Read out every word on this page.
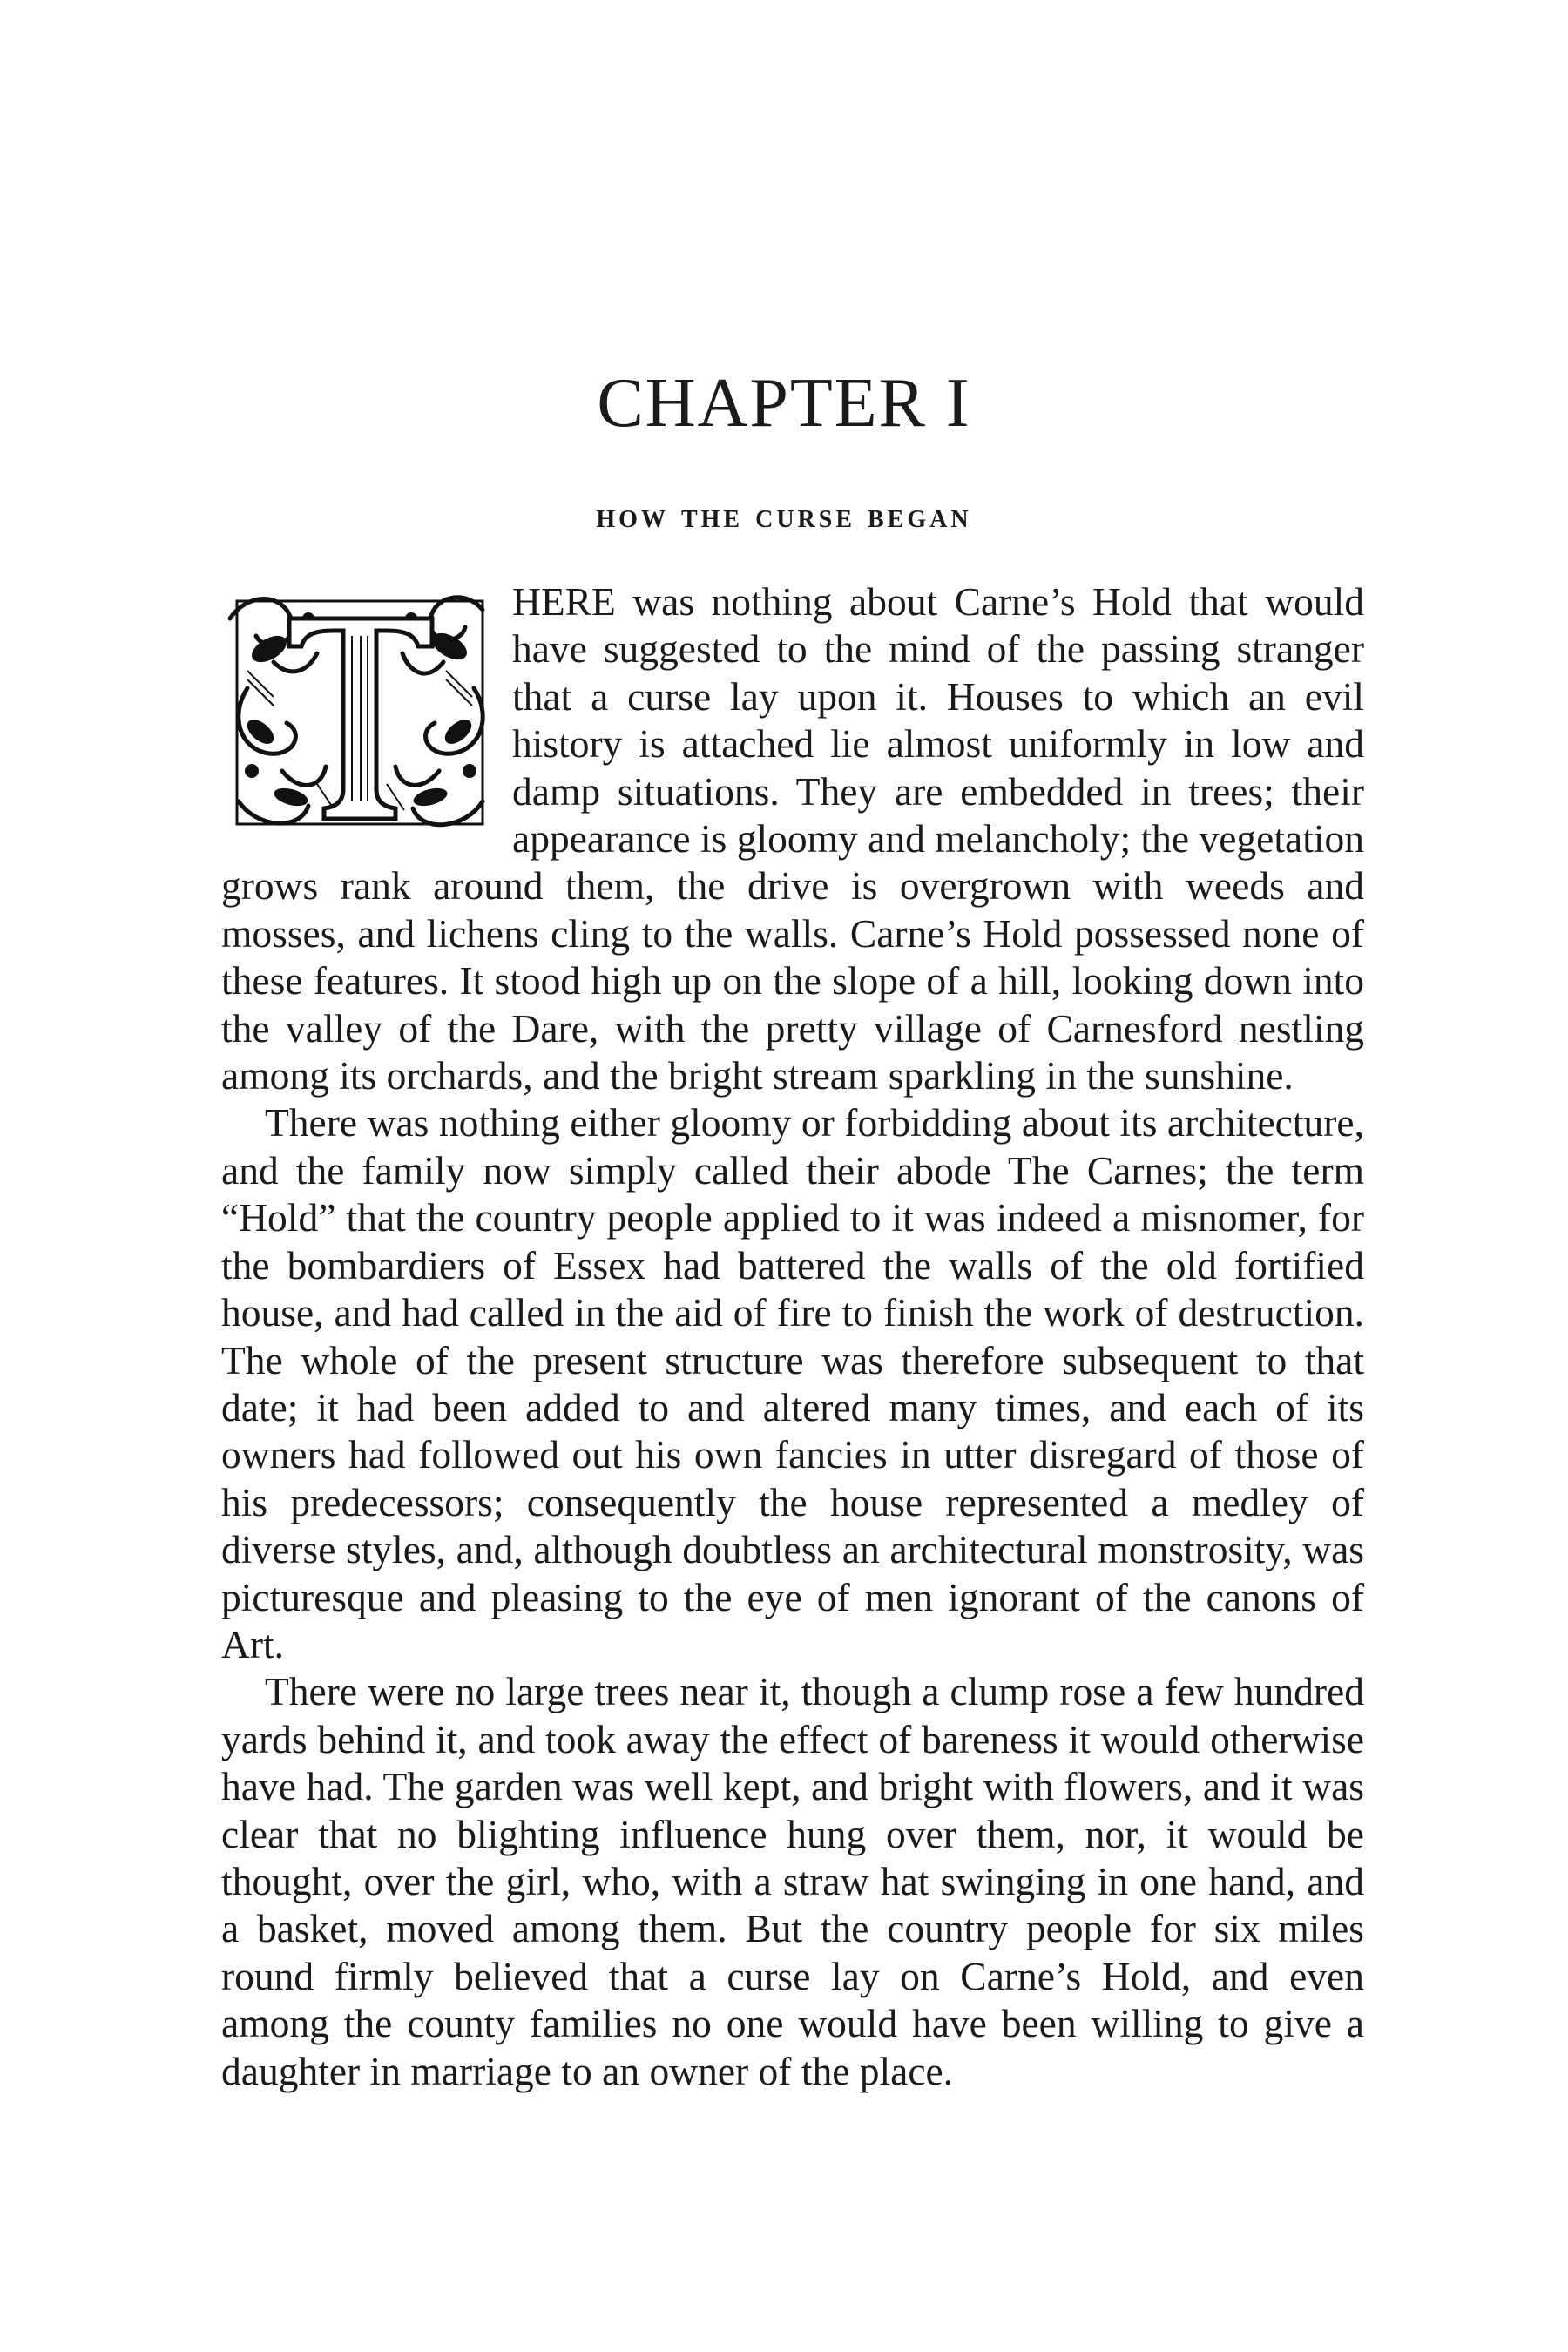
CHAPTER I
how the curse began

HERE was nothing about Carne’s Hold that would have suggested to the mind of the passing stranger that a curse lay upon it. Houses to which an evil history is attached lie almost uniformly in low and damp situations. They are embedded in trees; their appearance is gloomy and melancholy; the vegetation grows rank around them, the drive is overgrown with weeds and mosses, and lichens cling to the walls. Carne’s Hold possessed none of these features. It stood high up on the slope of a hill, looking down into the valley of the Dare, with the pretty village of Carnesford nestling among its orchards, and the bright stream sparkling in the sunshine.

There was nothing either gloomy or forbidding about its architecture, and the family now simply called their abode The Carnes; the term “Hold” that the country people applied to it was indeed a misnomer, for the bombardiers of Essex had battered the walls of the old fortified house, and had called in the aid of fire to finish the work of destruction. The whole of the present structure was therefore subsequent to that date; it had been added to and altered many times, and each of its owners had followed out his own fancies in utter disregard of those of his predecessors; consequently the house represented a medley of diverse styles, and, although doubtless an architectural monstrosity, was picturesque and pleasing to the eye of men ignorant of the canons of Art.

There were no large trees near it, though a clump rose a few hundred yards behind it, and took away the effect of bareness it would otherwise have had. The garden was well kept, and bright with flowers, and it was clear that no blighting influence hung over them, nor, it would be thought, over the girl, who, with a straw hat swinging in one hand, and a basket, moved among them. But the country people for six miles round firmly believed that a curse lay on Carne’s Hold, and even among the county families no one would have been willing to give a daughter in marriage to an owner of the place.
